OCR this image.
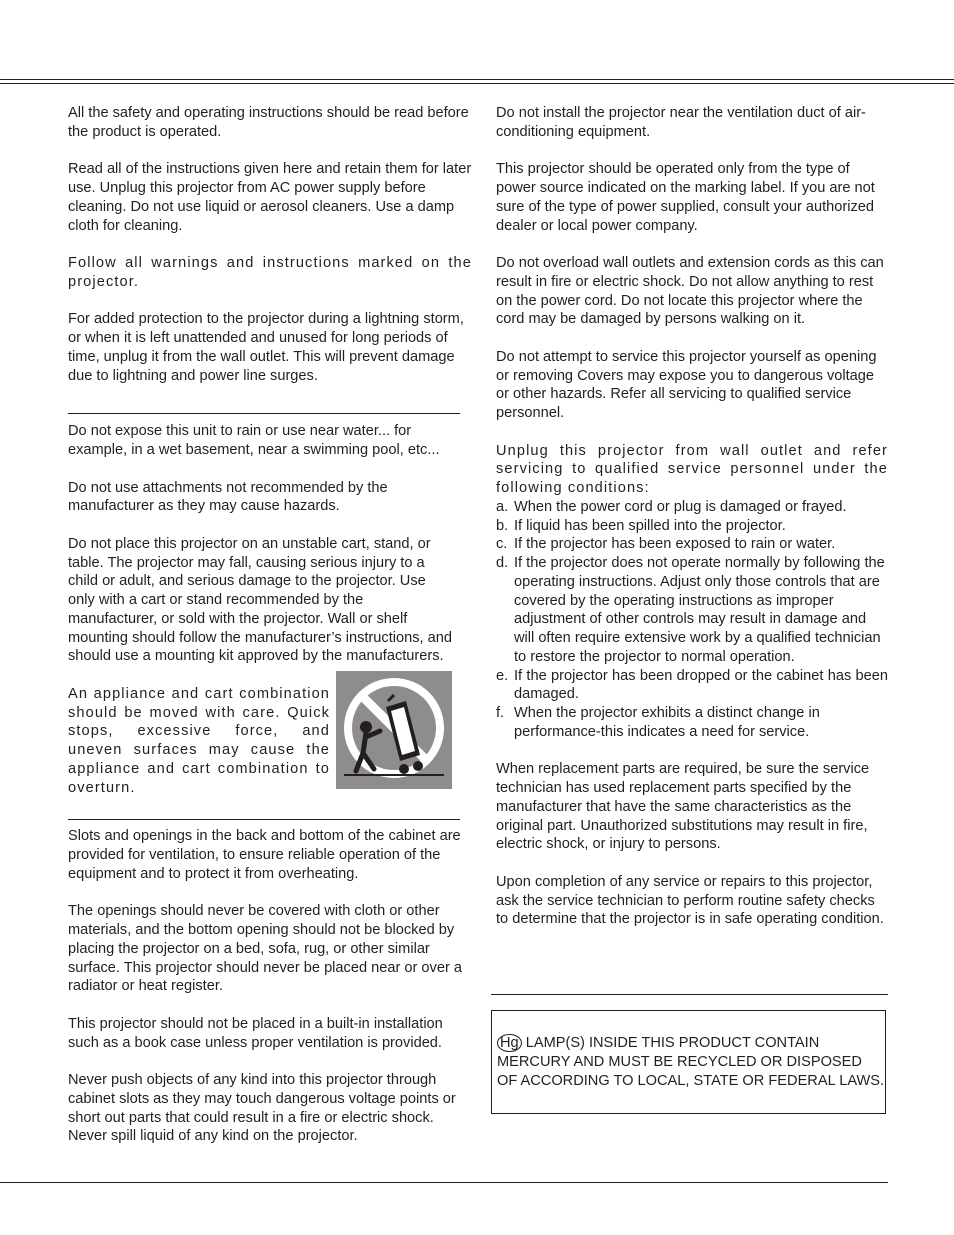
All the safety and operating instructions should be read before the product is operated.

Read all of the instructions given here and retain them for later use. Unplug this projector from AC power supply before cleaning. Do not use liquid or aerosol cleaners. Use a damp cloth for cleaning.

Follow all warnings and instructions marked on the projector.

For added protection to the projector during a lightning storm, or when it is left unattended and unused for long periods of time, unplug it from the wall outlet. This will prevent damage due to lightning and power line surges.

Do not expose this unit to rain or use near water... for example, in a wet basement, near a swimming pool, etc...

Do not use attachments not recommended by the manufacturer as they may cause hazards.

Do not place this projector on an unstable cart, stand, or table. The projector may fall, causing serious injury to a child or adult, and serious damage to the projector. Use only with a cart or stand recommended by the manufacturer, or sold with the projector. Wall or shelf mounting should follow the manufacturer’s instructions, and should use a mounting kit approved by the manufacturers.

An appliance and cart combination should be moved with care. Quick stops, excessive force, and uneven surfaces may cause the appliance and cart combination to overturn.

Slots and openings in the back and bottom of the cabinet are provided for ventilation, to ensure reliable operation of the equipment and to protect it from overheating.

The openings should never be covered with cloth or other materials, and the bottom opening should not be blocked by placing the projector on a bed, sofa, rug, or other similar surface. This projector should never be placed near or over a radiator or heat register.

This projector should not be placed in a built-in installation such as a book case unless proper ventilation is provided.

Never push objects of any kind into this projector through cabinet slots as they may touch dangerous voltage points or short out parts that could result in a fire or electric shock. Never spill liquid of any kind on the projector.

Do not install the projector near the ventilation duct of air-conditioning equipment.

This projector should be operated only from the type of power source indicated on the marking label. If you are not sure of the type of power supplied, consult your authorized dealer or local power company.

Do not overload wall outlets and extension cords as this can result in fire or electric shock. Do not allow anything to rest on the power cord. Do not locate this projector where the cord may be damaged by persons walking on it.

Do not attempt to service this projector yourself as opening or removing Covers may expose you to dangerous voltage or other hazards. Refer all servicing to qualified service personnel.

Unplug this projector from wall outlet and refer servicing to qualified service personnel under the following conditions:

a. When the power cord or plug is damaged or frayed.
b. If liquid has been spilled into the projector.
c. If the projector has been exposed to rain or water.
d. If the projector does not operate normally by following the operating instructions. Adjust only those controls that are covered by the operating instructions as improper adjustment of other controls may result in damage and will often require extensive work by a qualified technician to restore the projector to normal operation.
e. If the projector has been dropped or the cabinet has been damaged.
f. When the projector exhibits a distinct change in performance-this indicates a need for service.

When replacement parts are required, be sure the service technician has used replacement parts specified by the manufacturer that have the same characteristics as the original part. Unauthorized substitutions may result in fire, electric shock, or injury to persons.

Upon completion of any service or repairs to this projector, ask the service technician to perform routine safety checks to determine that the projector is in safe operating condition.

Hg LAMP(S) INSIDE THIS PRODUCT CONTAIN MERCURY AND MUST BE RECYCLED OR DISPOSED OF ACCORDING TO LOCAL, STATE OR FEDERAL LAWS.
